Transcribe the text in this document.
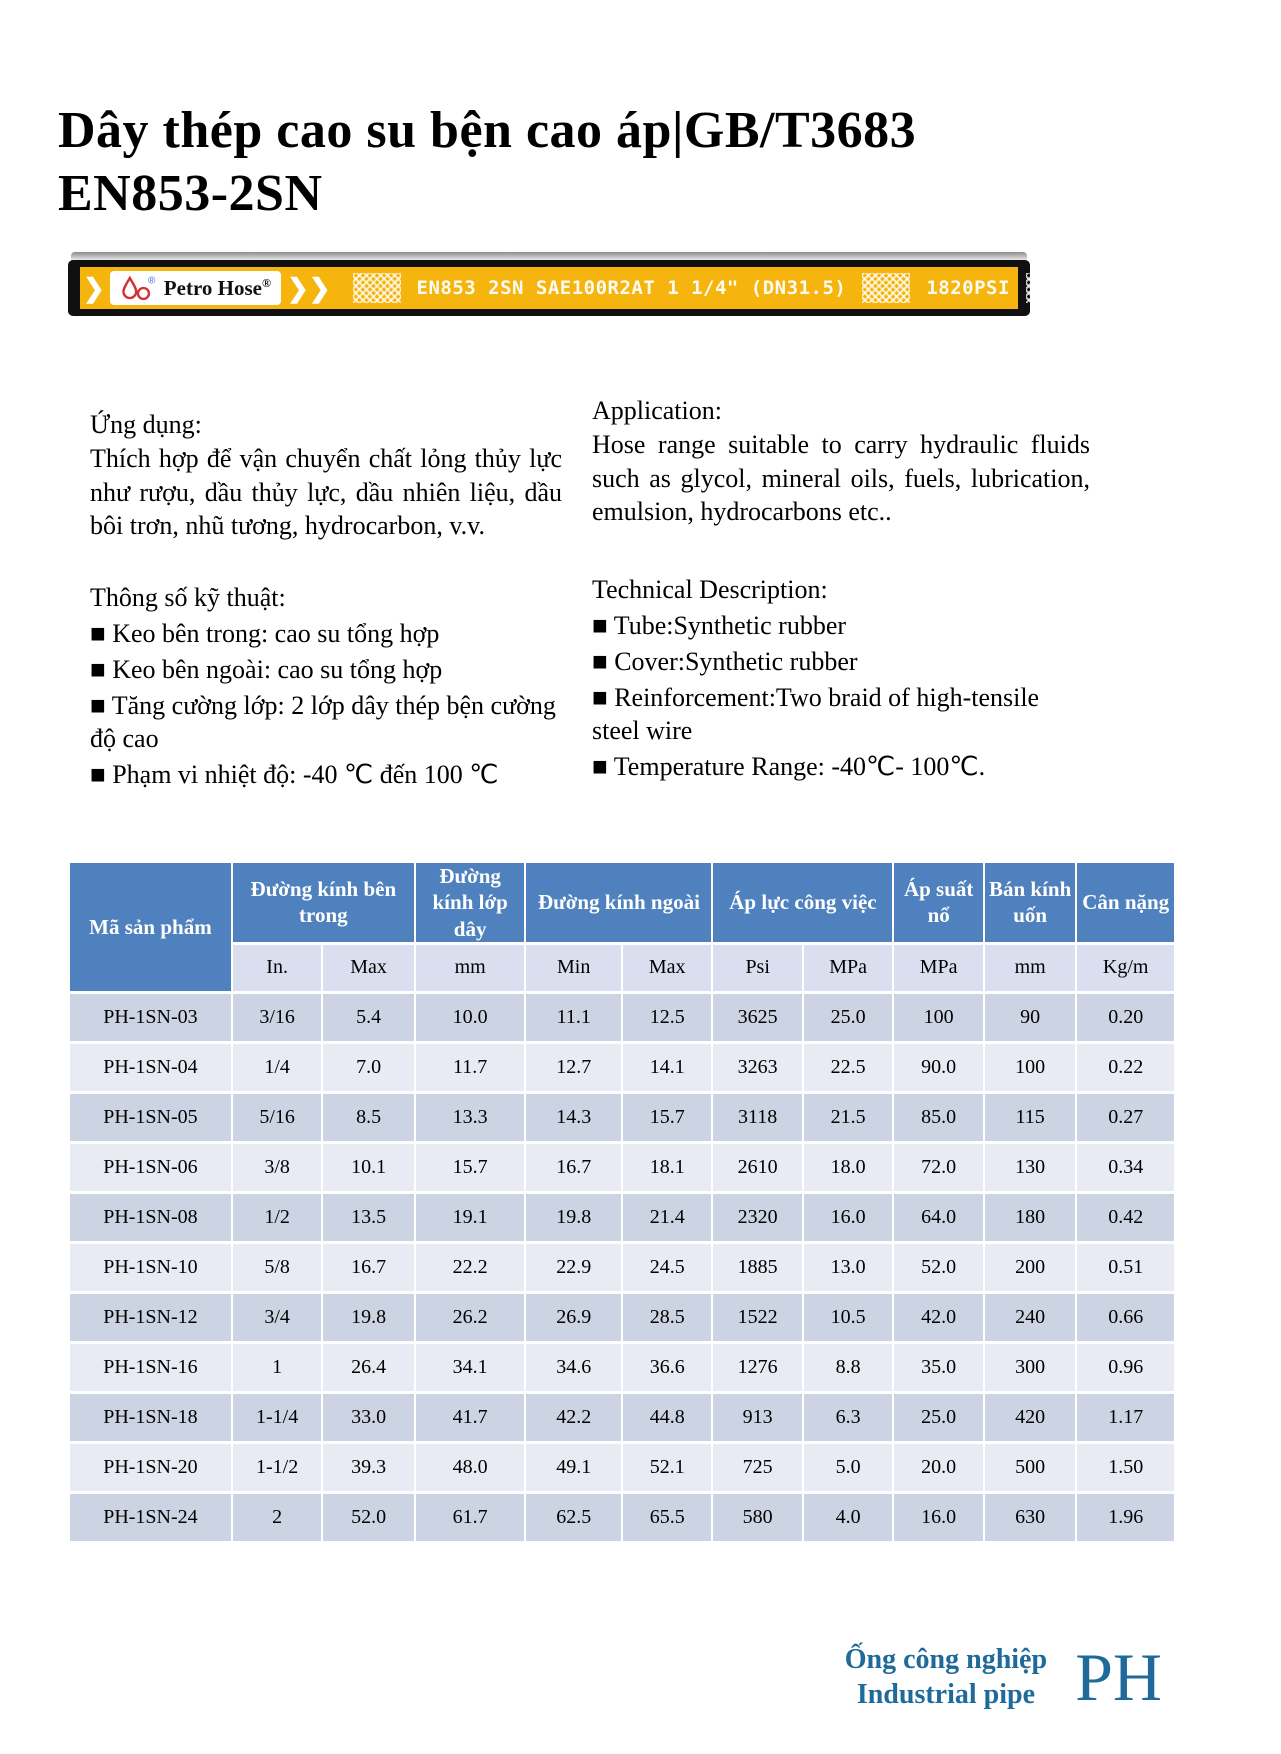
Dây thép cao su bện cao áp|GB/T3683 EN853-2SN
❯	® Petro Hose® ❯❯	EN853 2SN SAE100R2AT 1 1/4" (DN31.5)	1820PSI	MA	12.5MPa
125Bar
FLAME RESISTANT
MSHA 2G-1C-14C/44

Ứng dụng:

Thích hợp để vận chuyển chất lỏng thủy lực như rượu, dầu thủy lực, dầu nhiên liệu, dầu bôi trơn, nhũ tương, hydrocarbon, v.v.

Thông số kỹ thuật:

■ Keo bên trong: cao su tổng hợp
■ Keo bên ngoài: cao su tổng hợp
■ Tăng cường lớp: 2 lớp dây thép bện cường độ cao
■ Phạm vi nhiệt độ: -40 ℃ đến 100 ℃

Application:

Hose range suitable to carry hydraulic fluids such as glycol, mineral oils, fuels, lubrication, emulsion, hydrocarbons etc..

Technical Description:

■ Tube:Synthetic rubber
■ Cover:Synthetic rubber
■ Reinforcement:Two braid of high-tensile steel wire
■ Temperature Range: -40℃- 100℃.
Mã sản phẩm	Đường kính bên trong		Đường kính lớp dây	Đường kính ngoài		Áp lực công việc		Áp suất nổ	Bán kính uốn	Cân nặng
	In.	Max	mm	Min	Max	Psi	MPa	MPa	mm	Kg/m
PH-1SN-03	3/16	5.4	10.0	11.1	12.5	3625	25.0	100	90	0.20
PH-1SN-04	1/4	7.0	11.7	12.7	14.1	3263	22.5	90.0	100	0.22
PH-1SN-05	5/16	8.5	13.3	14.3	15.7	3118	21.5	85.0	115	0.27
PH-1SN-06	3/8	10.1	15.7	16.7	18.1	2610	18.0	72.0	130	0.34
PH-1SN-08	1/2	13.5	19.1	19.8	21.4	2320	16.0	64.0	180	0.42
PH-1SN-10	5/8	16.7	22.2	22.9	24.5	1885	13.0	52.0	200	0.51
PH-1SN-12	3/4	19.8	26.2	26.9	28.5	1522	10.5	42.0	240	0.66
PH-1SN-16	1	26.4	34.1	34.6	36.6	1276	8.8	35.0	300	0.96
PH-1SN-18	1-1/4	33.0	41.7	42.2	44.8	913	6.3	25.0	420	1.17
PH-1SN-20	1-1/2	39.3	48.0	49.1	52.1	725	5.0	20.0	500	1.50
PH-1SN-24	2	52.0	61.7	62.5	65.5	580	4.0	16.0	630	1.96
Ống công nghiệp
Industrial pipe PH
